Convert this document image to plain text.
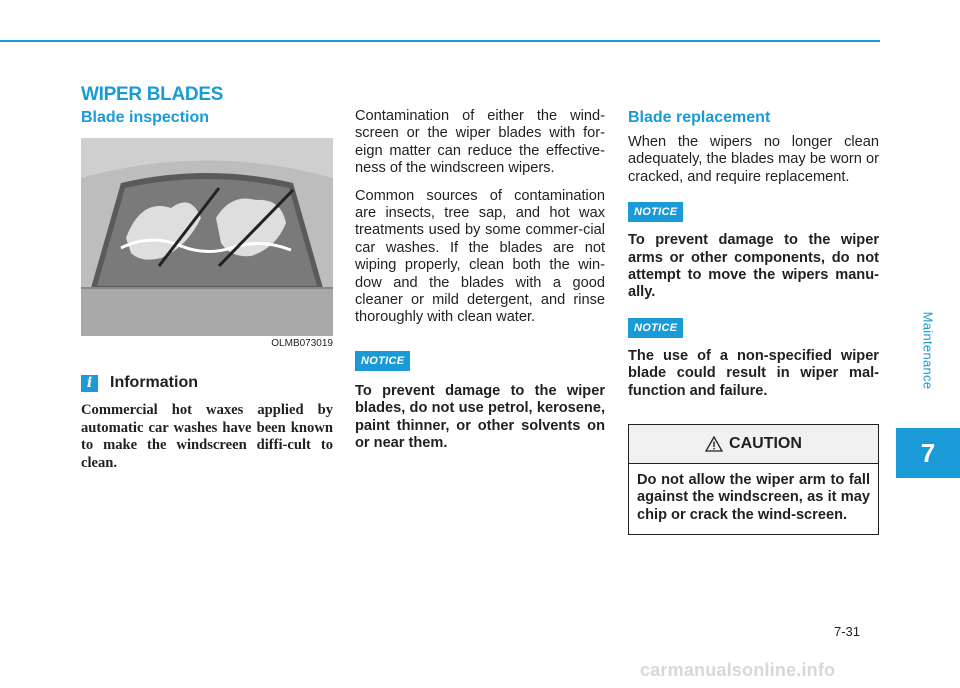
WIPER BLADES
Blade inspection
OLMB073019
i	Information

Commercial hot waxes applied by automatic car washes have been known to make the windscreen diffi-cult to clean.

Contamination of either the wind-screen or the wiper blades with for-eign matter can reduce the effective-ness of the windscreen wipers.

Common sources of contamination are insects, tree sap, and hot wax treatments used by some commer-cial car washes. If the blades are not wiping properly, clean both the win-dow and the blades with a good cleaner or mild detergent, and rinse thoroughly with clean water.

NOTICE

To prevent damage to the wiper blades, do not use petrol, kerosene, paint thinner, or other solvents on or near them.

Blade replacement

When the wipers no longer clean adequately, the blades may be worn or cracked, and require replacement.

NOTICE

To prevent damage to the wiper arms or other components, do not attempt to move the wipers manu-ally.

NOTICE

The use of a non-specified wiper blade could result in wiper mal-function and failure.

CAUTION

Do not allow the wiper arm to fall against the windscreen, as it may chip or crack the wind-screen.

Maintenance
7
7-31
carmanualsonline.info
